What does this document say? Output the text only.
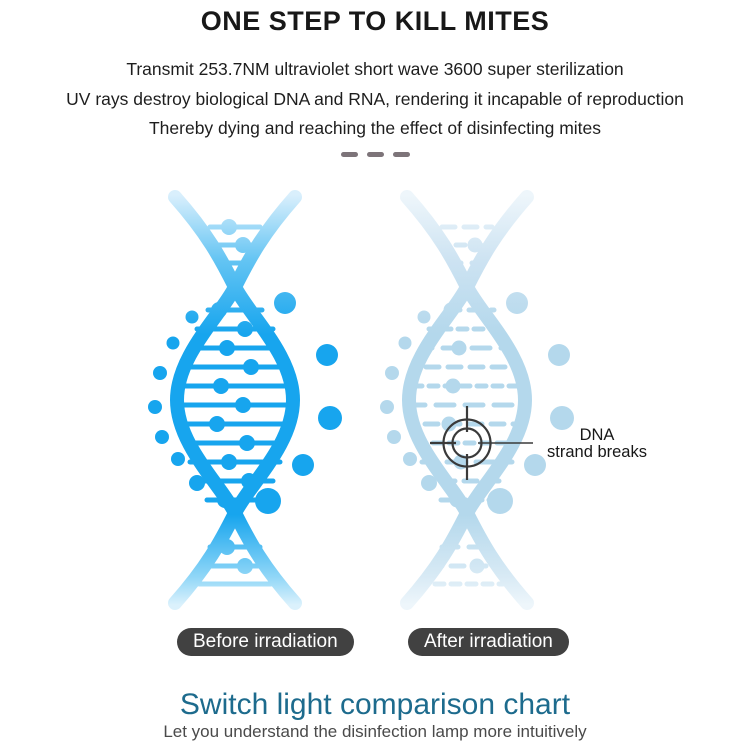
ONE STEP TO KILL MITES

Transmit 253.7NM ultraviolet short wave 3600 super sterilization

UV rays destroy biological DNA and RNA, rendering it incapable of reproduction

Thereby dying and reaching the effect of disinfecting mites

DNA
strand breaks
Before irradiation	After irradiation
Switch light comparison chart

Let you understand the disinfection lamp more intuitively
